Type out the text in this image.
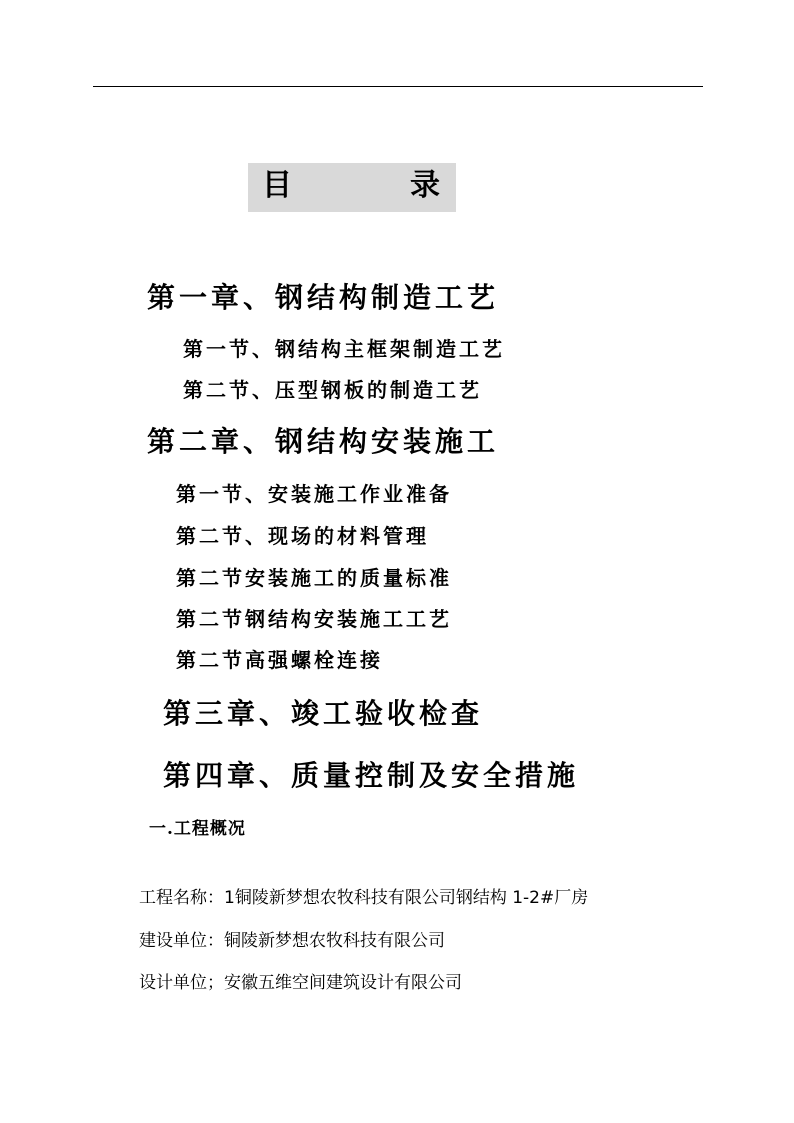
目	录
第一章、钢结构制造工艺
第一节、钢结构主框架制造工艺
第二节、压型钢板的制造工艺
第二章、钢结构安装施工
第一节、安装施工作业准备
第二节、现场的材料管理
第二节安装施工的质量标准
第二节钢结构安装施工工艺
第二节高强螺栓连接
第三章、竣工验收检查
第四章、质量控制及安全措施
一.工程概况
工程名称：1铜陵新梦想农牧科技有限公司钢结构 1-2#厂房
建设单位：铜陵新梦想农牧科技有限公司
设计单位；安徽五维空间建筑设计有限公司
